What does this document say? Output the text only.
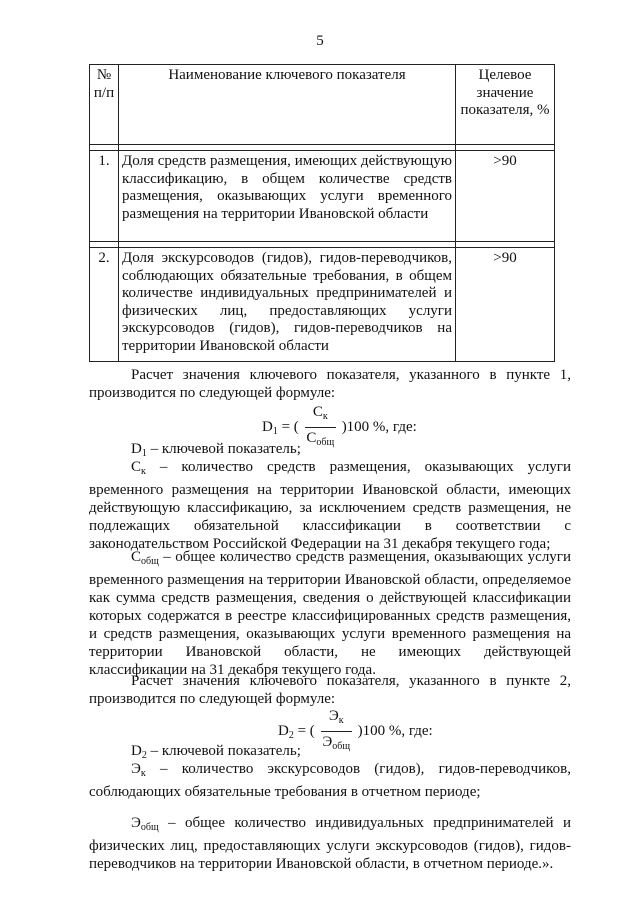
5
№ п/п	Наименование ключевого показателя	Целевое значение показателя, %

1.	Доля средств размещения, имеющих действующую классификацию, в общем количестве средств размещения, оказывающих услуги временного размещения на территории Ивановской области	>90

2.	Доля экскурсоводов (гидов), гидов-переводчиков, соблюдающих обязательные требования, в общем количестве индивидуальных предпринимателей и физических лиц, предоставляющих услуги экскурсоводов (гидов), гидов-переводчиков на территории Ивановской области	>90
Расчет значения ключевого показателя, указанного в пункте 1, производится по следующей формуле:
$D_1$ = ( $\frac{С_к}{С_{общ}} )100$ %, где:
$D_1$ – ключевой показатель;
$С_к$ – количество средств размещения, оказывающих услуги временного размещения на территории Ивановской области, имеющих действующую классификацию, за исключением средств размещения, не подлежащих обязательной классификации в соответствии с законодательством Российской Федерации на 31 декабря текущего года;
$С_{общ}$ – общее количество средств размещения, оказывающих услуги временного размещения на территории Ивановской области, определяемое как сумма средств размещения, сведения о действующей классификации которых содержатся в реестре классифицированных средств размещения, и средств размещения, оказывающих услуги временного размещения на территории Ивановской области, не имеющих действующей классификации на 31 декабря текущего года.
Расчет значения ключевого показателя, указанного в пункте 2, производится по следующей формуле:
$D_2$ = ( $\frac{Э_к}{Э_{общ}} )100$ %, где:
$D_2$ – ключевой показатель;
$Э_к$ – количество экскурсоводов (гидов), гидов-переводчиков, соблюдающих обязательные требования в отчетном периоде;
$Э_{общ}$ – общее количество индивидуальных предпринимателей и физических лиц, предоставляющих услуги экскурсоводов (гидов), гидов-переводчиков на территории Ивановской области, в отчетном периоде.».
